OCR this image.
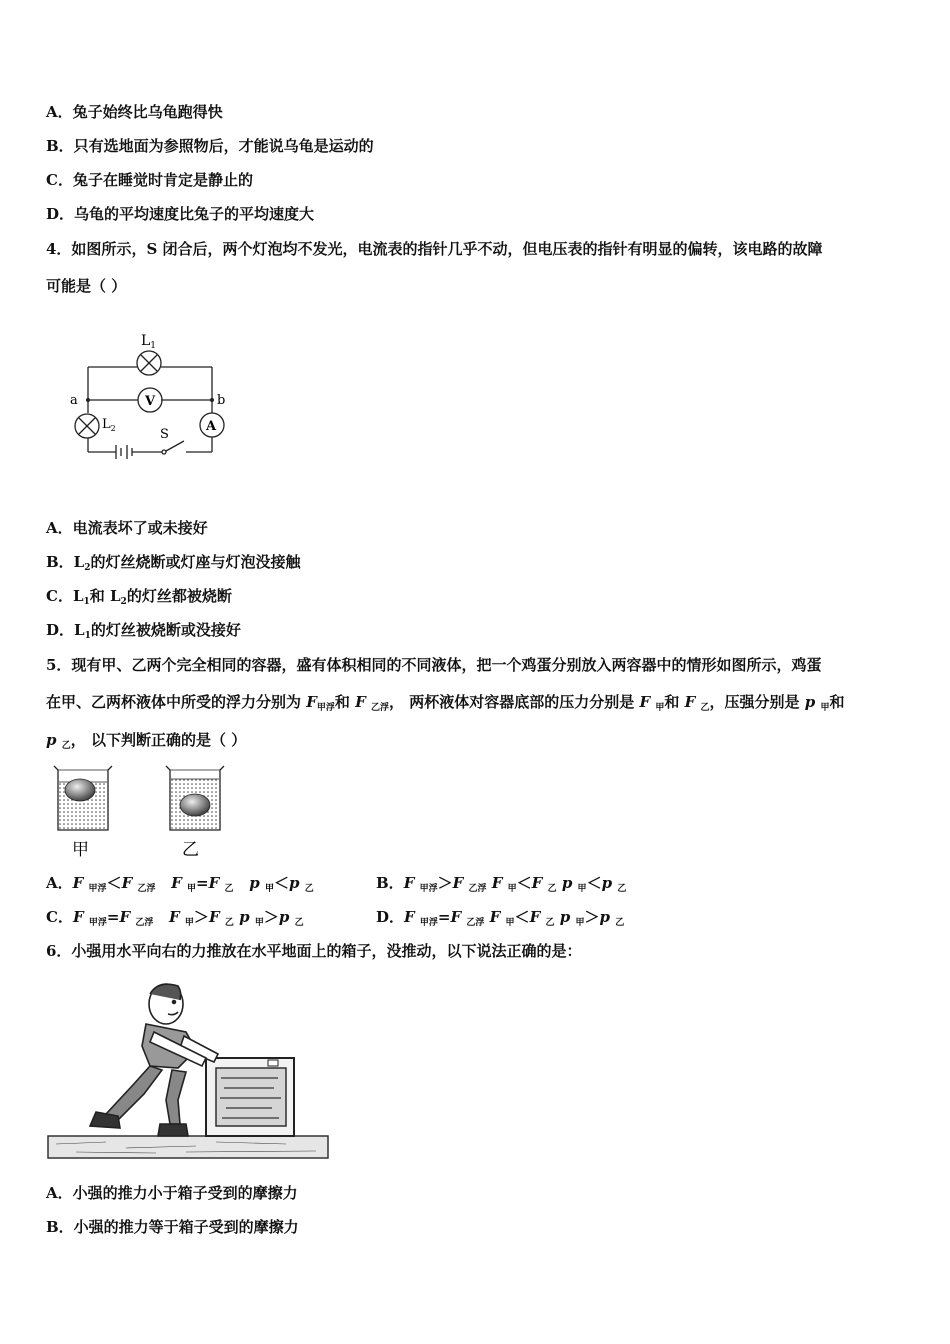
A．兔子始终比乌龟跑得快
B．只有选地面为参照物后，才能说乌龟是运动的
C．兔子在睡觉时肯定是静止的
D．乌龟的平均速度比兔子的平均速度大
4．如图所示，S 闭合后，两个灯泡均不发光，电流表的指针几乎不动，但电压表的指针有明显的偏转，该电路的故障
可能是（ ）
$L_1$
$L_2$
a	b
V
A
S
A．电流表坏了或未接好
B．$L_2$的灯丝烧断或灯座与灯泡没接触
C．$L_1$和 $L_2$的灯丝都被烧断
D．$L_1$的灯丝被烧断或没接好
5．现有甲、乙两个完全相同的容器，盛有体积相同的不同液体，把一个鸡蛋分别放入两容器中的情形如图所示，鸡蛋
在甲、乙两杯液体中所受的浮力分别为 $F_{甲浮}$和 F $_{乙浮}$， 两杯液体对容器底部的压力分别是 F $_甲$和 F $_乙$，压强分别是 p $_甲$和
p $_乙$， 以下判断正确的是（ ）
甲	乙
A．F $_{甲浮}$＜F $_{乙浮}$ F $_甲$=F $_乙$ p $_甲$＜p $_乙$	B．F $_{甲浮}$＞F $_{乙浮}$ F $_甲$＜F $_乙$ p $_甲$＜p $_乙$
C．F $_{甲浮}$=F $_{乙浮}$ F $_甲$＞F $_乙$ p $_甲$＞p $_乙$	D．F $_{甲浮}$=F $_{乙浮}$ F $_甲$＜F $_乙$ p $_甲$＞p $_乙$
6．小强用水平向右的力推放在水平地面上的箱子，没推动，以下说法正确的是：
A．小强的推力小于箱子受到的摩擦力
B．小强的推力等于箱子受到的摩擦力
